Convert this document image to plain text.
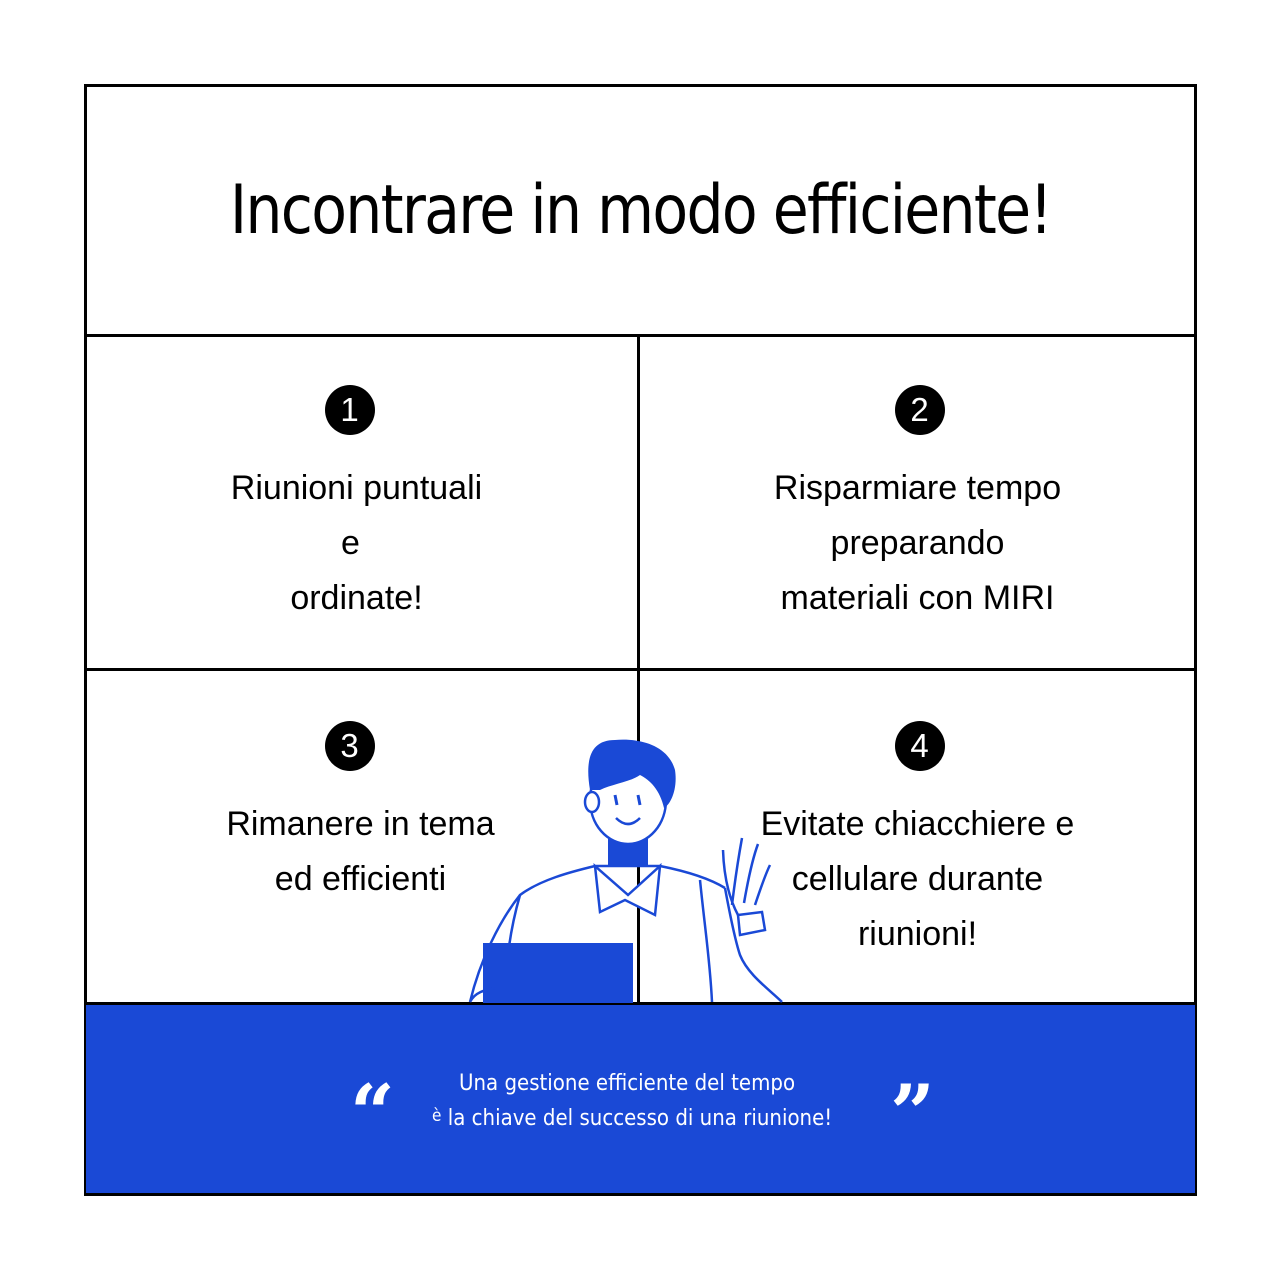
Incontrare in modo efficiente!
1
Riunioni puntuali
e
ordinate!
2
Risparmiare tempo
preparando
materiali con MIRI
3
Rimanere in tema
ed efficienti
4
Evitate chiacchiere e
cellulare durante
riunioni!
“	Una gestione efficiente del tempo
è la chiave del successo di una riunione! ”
